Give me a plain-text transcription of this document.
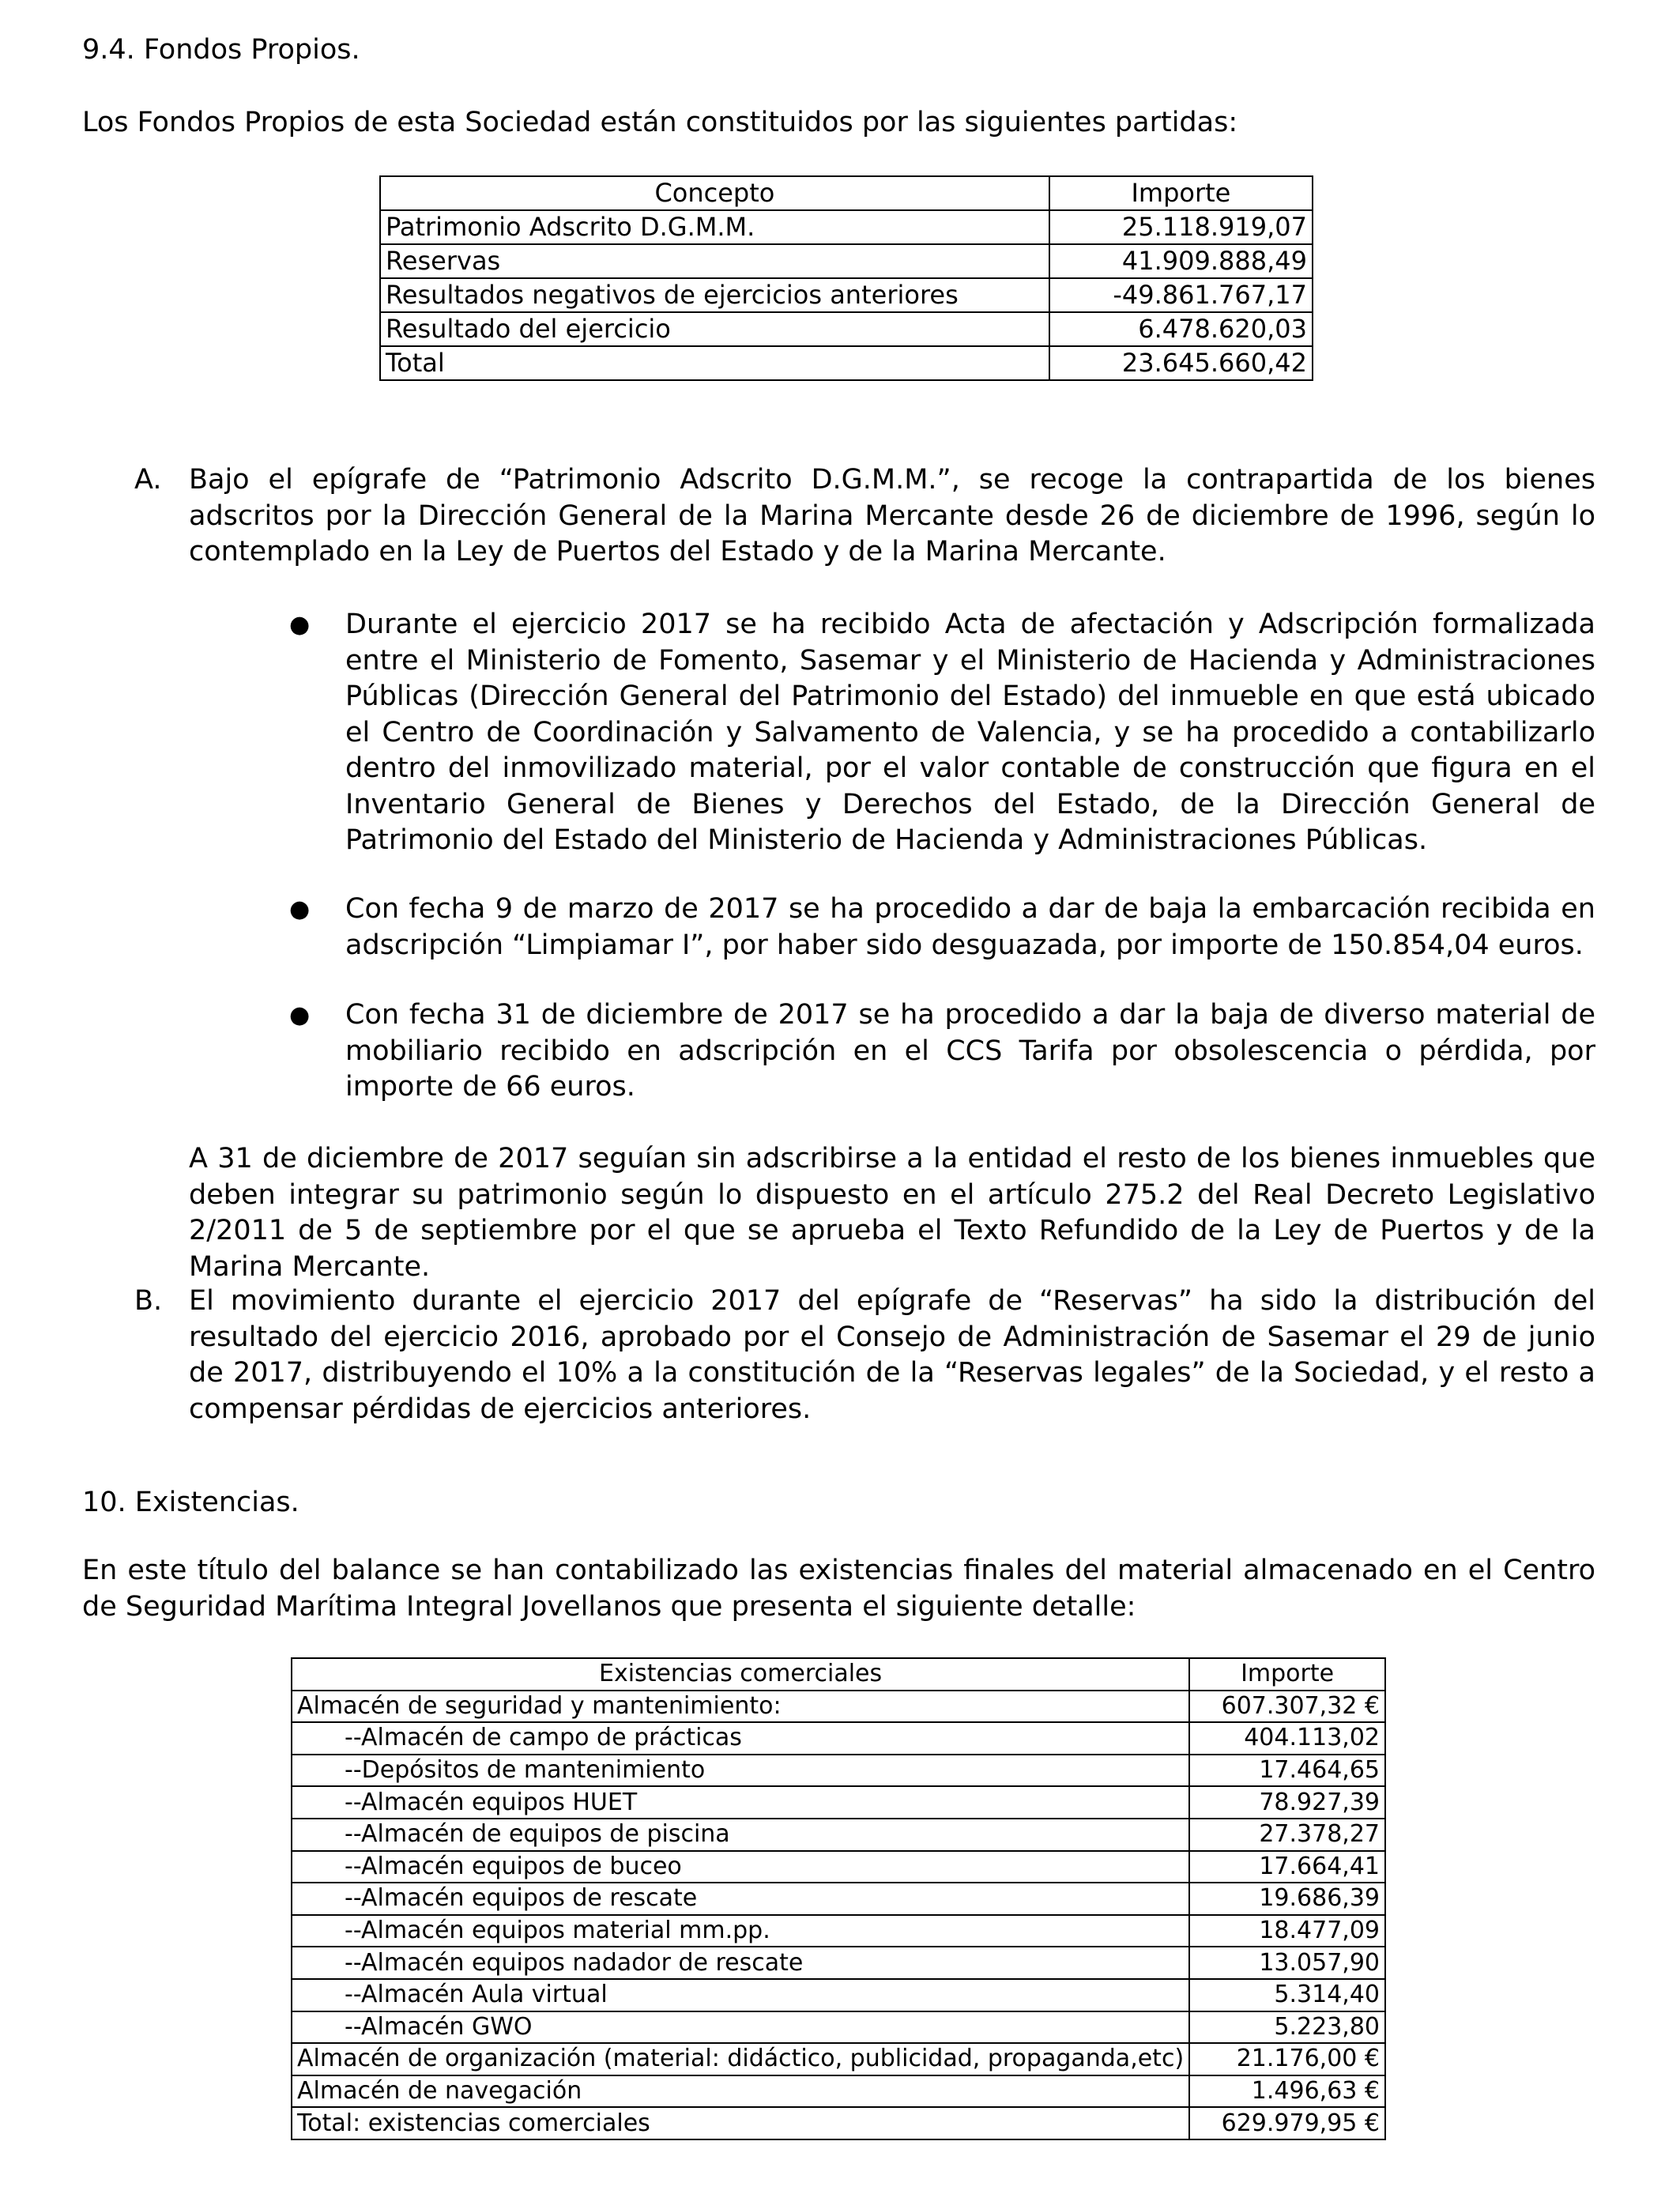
9.4. Fondos Propios.

Los Fondos Propios de esta Sociedad están constituidos por las siguientes partidas:

Concepto	Importe
Patrimonio Adscrito D.G.M.M.	25.118.919,07
Reservas	41.909.888,49
Resultados negativos de ejercicios anteriores	-49.861.767,17
Resultado del ejercicio	6.478.620,03
Total	23.645.660,42
A. Bajo el epígrafe de “Patrimonio Adscrito D.G.M.M.”, se recoge la contrapartida de los bienes adscritos por la Dirección General de la Marina Mercante desde 26 de diciembre de 1996, según lo contemplado en la Ley de Puertos del Estado y de la Marina Mercante.

● Durante el ejercicio 2017 se ha recibido Acta de afectación y Adscripción formalizada entre el Ministerio de Fomento, Sasemar y el Ministerio de Hacienda y Administraciones Públicas (Dirección General del Patrimonio del Estado) del inmueble en que está ubicado el Centro de Coordinación y Salvamento de Valencia, y se ha procedido a contabilizarlo dentro del inmovilizado material, por el valor contable de construcción que figura en el Inventario General de Bienes y Derechos del Estado, de la Dirección General de Patrimonio del Estado del Ministerio de Hacienda y Administraciones Públicas.

● Con fecha 9 de marzo de 2017 se ha procedido a dar de baja la embarcación recibida en adscripción “Limpiamar I”, por haber sido desguazada, por importe de 150.854,04 euros.

● Con fecha 31 de diciembre de 2017 se ha procedido a dar la baja de diverso material de mobiliario recibido en adscripción en el CCS Tarifa por obsolescencia o pérdida, por importe de 66 euros.

A 31 de diciembre de 2017 seguían sin adscribirse a la entidad el resto de los bienes inmuebles que deben integrar su patrimonio según lo dispuesto en el artículo 275.2 del Real Decreto Legislativo 2/2011 de 5 de septiembre por el que se aprueba el Texto Refundido de la Ley de Puertos y de la Marina Mercante.

B. El movimiento durante el ejercicio 2017 del epígrafe de “Reservas” ha sido la distribución del resultado del ejercicio 2016, aprobado por el Consejo de Administración de Sasemar el 29 de junio de 2017, distribuyendo el 10% a la constitución de la “Reservas legales” de la Sociedad, y el resto a compensar pérdidas de ejercicios anteriores.

10. Existencias.

En este título del balance se han contabilizado las existencias finales del material almacenado en el Centro de Seguridad Marítima Integral Jovellanos que presenta el siguiente detalle:

Existencias comerciales	Importe
Almacén de seguridad y mantenimiento:	607.307,32 €
--Almacén de campo de prácticas	404.113,02
--Depósitos de mantenimiento	17.464,65
--Almacén equipos HUET	78.927,39
--Almacén de equipos de piscina	27.378,27
--Almacén equipos de buceo	17.664,41
--Almacén equipos de rescate	19.686,39
--Almacén equipos material mm.pp.	18.477,09
--Almacén equipos nadador de rescate	13.057,90
--Almacén Aula virtual	5.314,40
--Almacén GWO	5.223,80
Almacén de organización (material: didáctico, publicidad, propaganda,etc)	21.176,00 €
Almacén de navegación	1.496,63 €
Total: existencias comerciales	629.979,95 €
